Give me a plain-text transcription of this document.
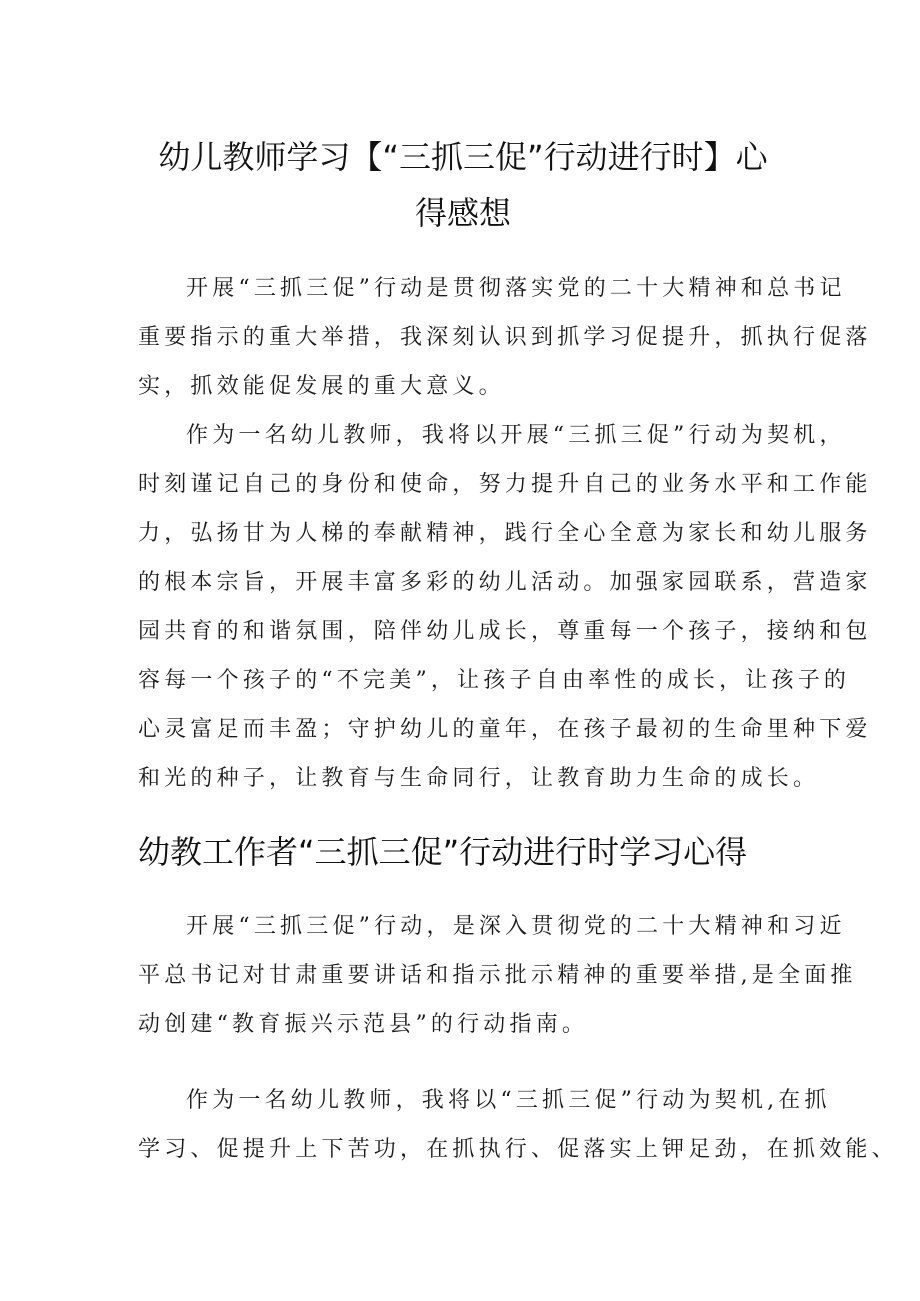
幼儿教师学习【“三抓三促”行动进行时】心
得感想
开展“三抓三促”行动是贯彻落实党的二十大精神和总书记
重要指示的重大举措，我深刻认识到抓学习促提升，抓执行促落
实，抓效能促发展的重大意义。
作为一名幼儿教师，我将以开展“三抓三促”行动为契机，
时刻谨记自己的身份和使命，努力提升自己的业务水平和工作能
力，弘扬甘为人梯的奉献精神，践行全心全意为家长和幼儿服务
的根本宗旨，开展丰富多彩的幼儿活动。加强家园联系，营造家
园共育的和谐氛围，陪伴幼儿成长，尊重每一个孩子，接纳和包
容每一个孩子的“不完美”，让孩子自由率性的成长，让孩子的
心灵富足而丰盈；守护幼儿的童年，在孩子最初的生命里种下爱
和光的种子，让教育与生命同行，让教育助力生命的成长。
幼教工作者“三抓三促”行动进行时学习心得
开展“三抓三促”行动，是深入贯彻党的二十大精神和习近
平总书记对甘肃重要讲话和指示批示精神的重要举措,是全面推
动创建“教育振兴示范县”的行动指南。
作为一名幼儿教师，我将以“三抓三促”行动为契机,在抓
学习、促提升上下苦功，在抓执行、促落实上钾足劲，在抓效能、
